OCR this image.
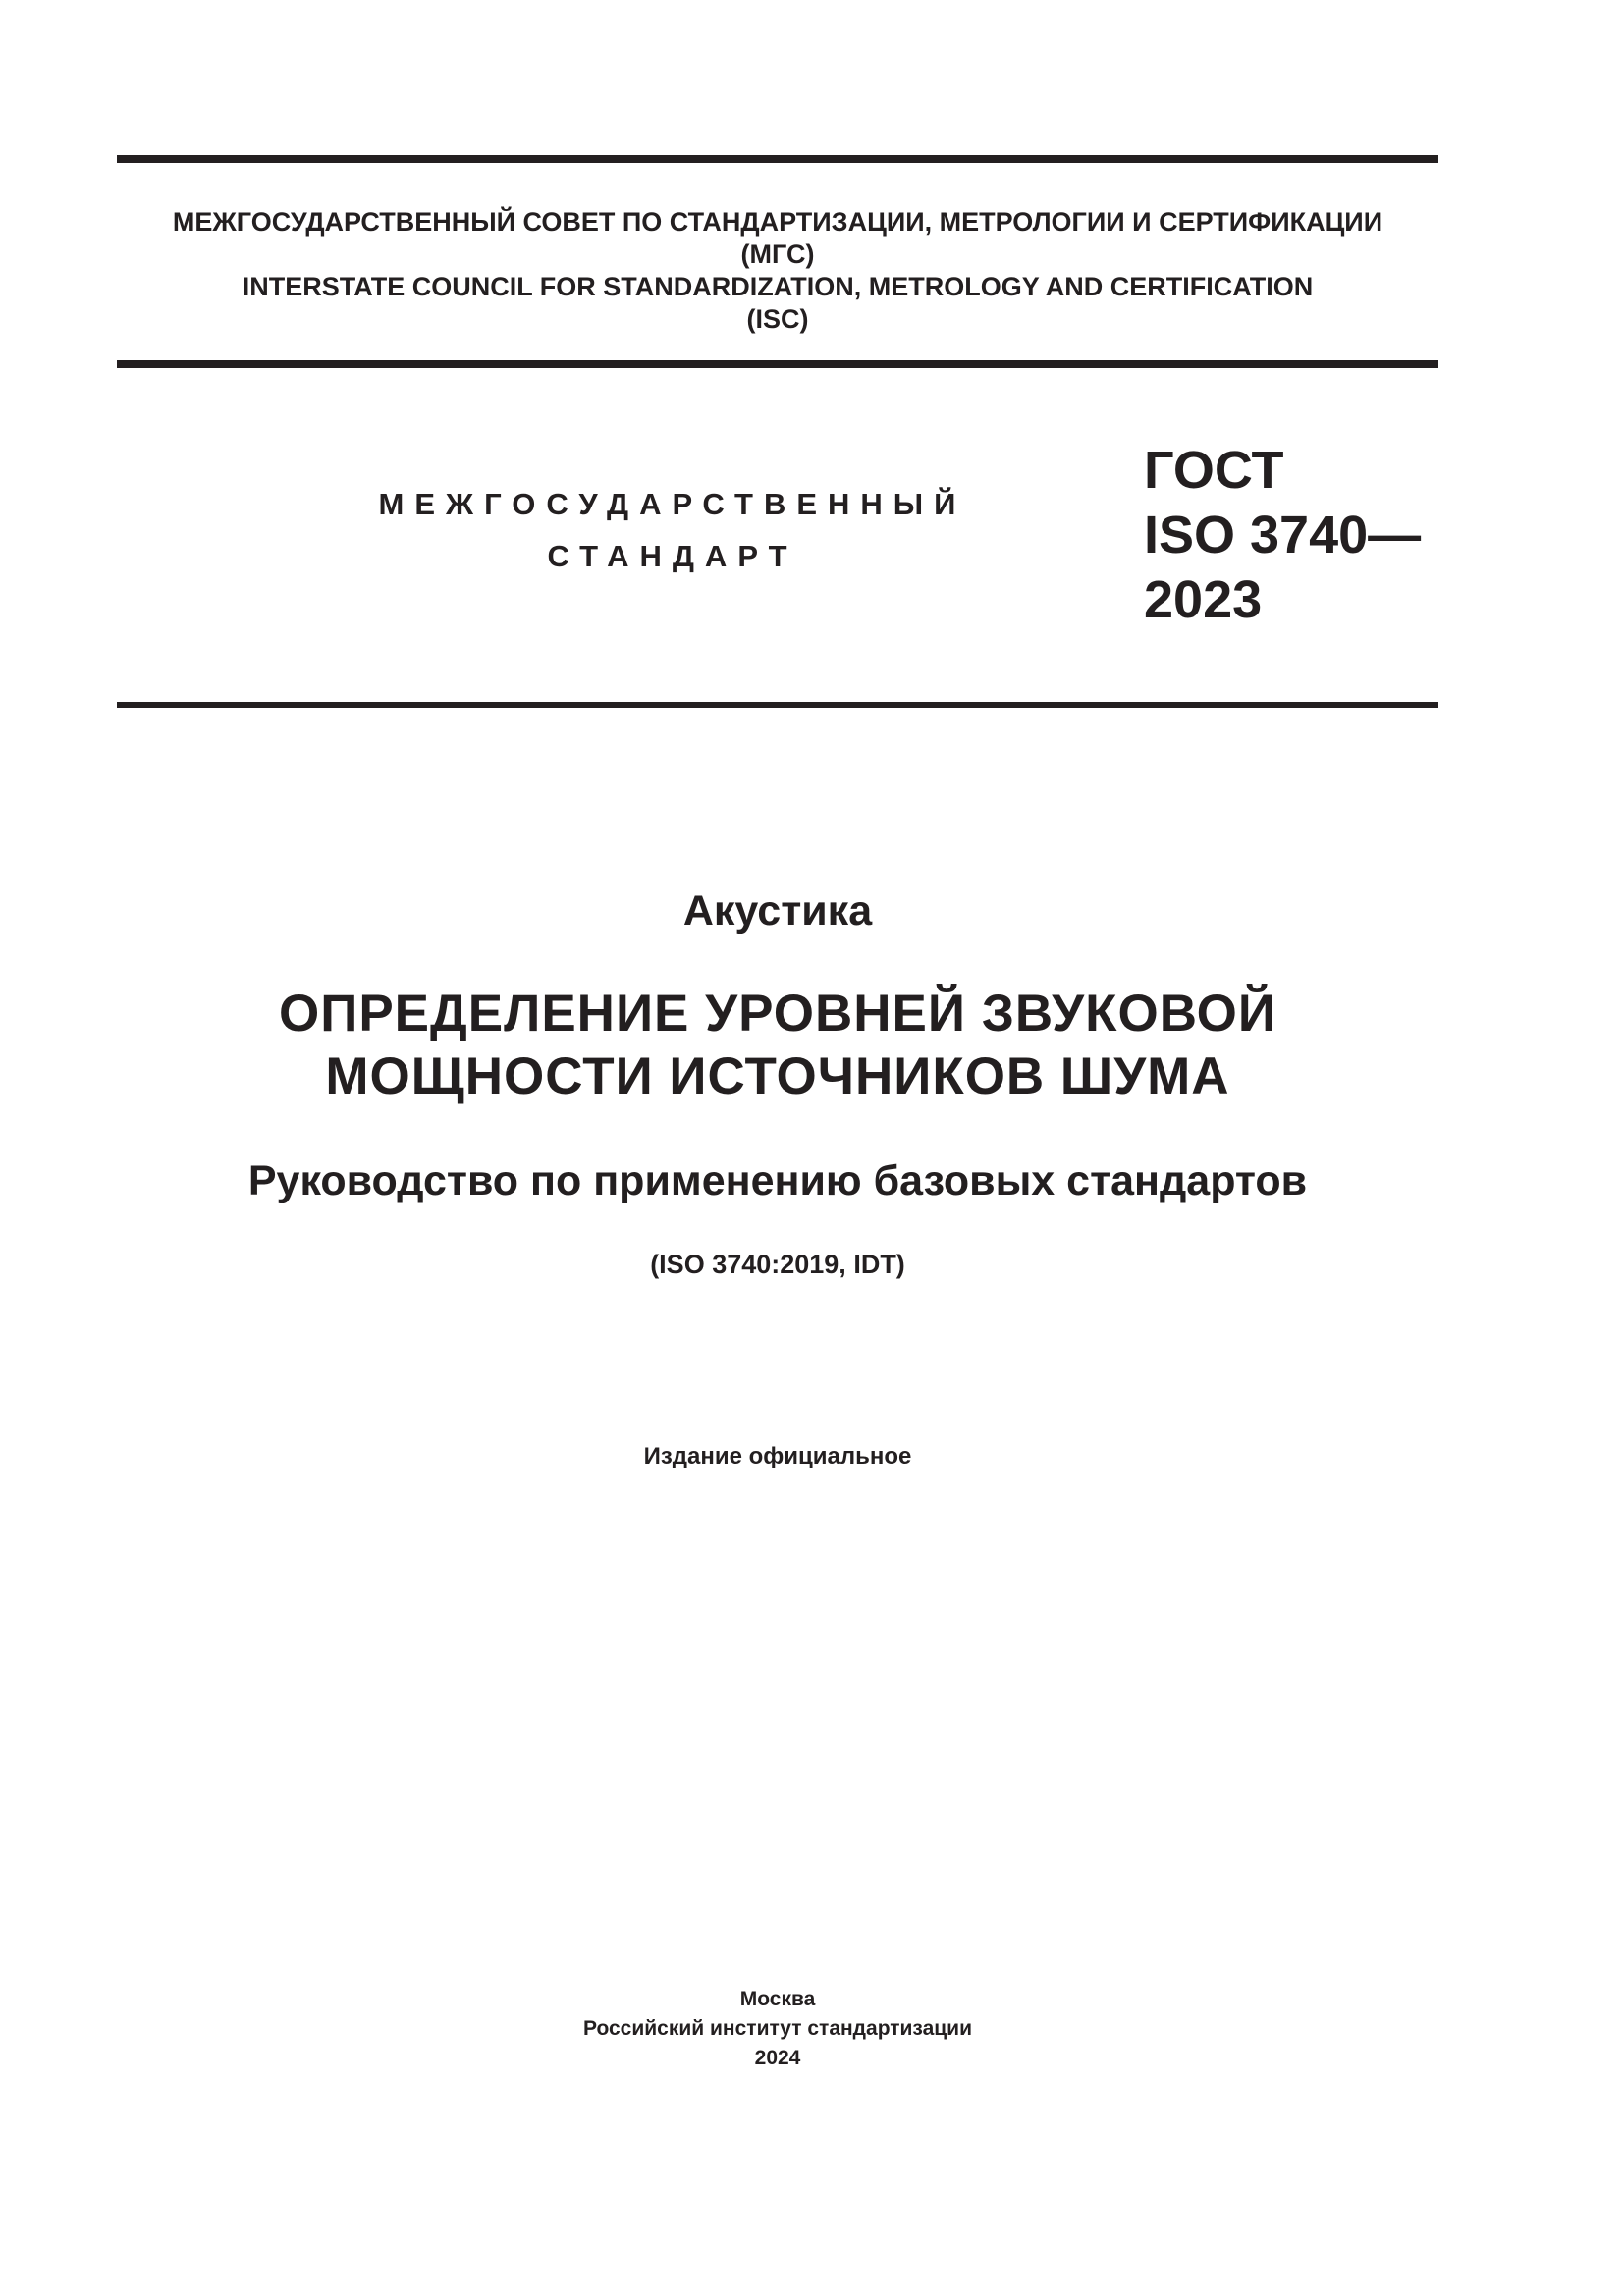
МЕЖГОСУДАРСТВЕННЫЙ СОВЕТ ПО СТАНДАРТИЗАЦИИ, МЕТРОЛОГИИ И СЕРТИФИКАЦИИ
(МГС)
INTERSTATE COUNCIL FOR STANDARDIZATION, METROLOGY AND CERTIFICATION
(ISC)
МЕЖГОСУДАРСТВЕННЫЙ
СТАНДАРТ
ГОСТ
ISO 3740—
2023
Акустика
ОПРЕДЕЛЕНИЕ УРОВНЕЙ ЗВУКОВОЙ
МОЩНОСТИ ИСТОЧНИКОВ ШУМА
Руководство по применению базовых стандартов
(ISO 3740:2019, IDT)
Издание официальное
Москва
Российский институт стандартизации
2024
